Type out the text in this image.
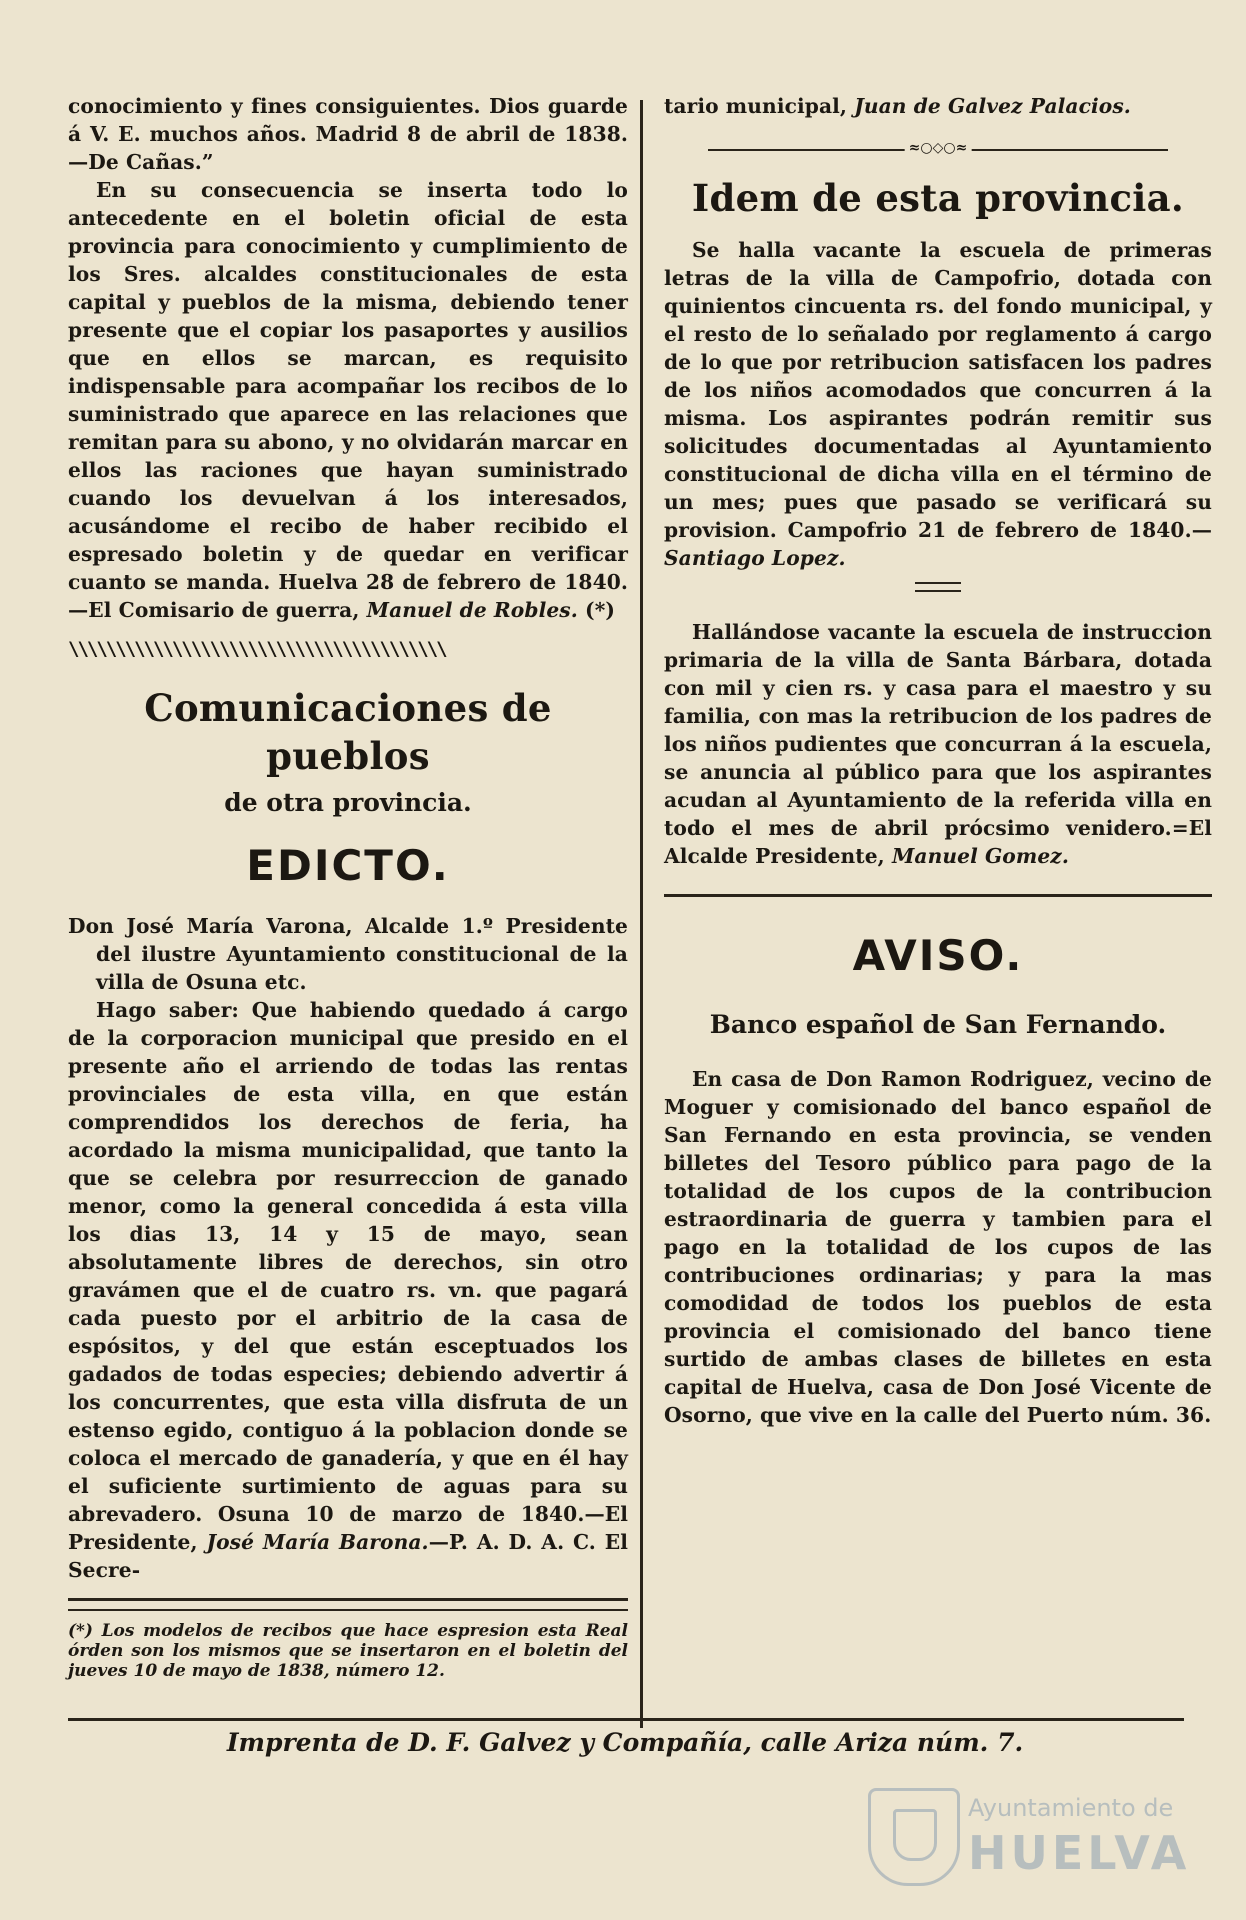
conocimiento y fines consiguientes. Dios guarde á V. E. muchos años. Madrid 8 de abril de 1838.—De Cañas.”

En su consecuencia se inserta todo lo antecedente en el boletin oficial de esta provincia para conocimiento y cumplimiento de los Sres. alcaldes constitucionales de esta capital y pueblos de la misma, debiendo tener presente que el copiar los pasaportes y ausilios que en ellos se marcan, es requisito indispensable para acompañar los recibos de lo suministrado que aparece en las relaciones que remitan para su abono, y no olvidarán marcar en ellos las raciones que hayan suministrado cuando los devuelvan á los interesados, acusándome el recibo de haber recibido el espresado boletin y de quedar en verificar cuanto se manda. Huelva 28 de febrero de 1840.—El Comisario de guerra, Manuel de Robles. (*)

\\\\\\\\\\\\\\\\\\\\\\\\\\\\\\\\\\\\\\\\
Comunicaciones de pueblos
de otra provincia.
EDICTO.

Don José María Varona, Alcalde 1.º Presidente del ilustre Ayuntamiento constitucional de la villa de Osuna etc.

Hago saber: Que habiendo quedado á cargo de la corporacion municipal que presido en el presente año el arriendo de todas las rentas provinciales de esta villa, en que están comprendidos los derechos de feria, ha acordado la misma municipalidad, que tanto la que se celebra por resurreccion de ganado menor, como la general concedida á esta villa los dias 13, 14 y 15 de mayo, sean absolutamente libres de derechos, sin otro gravámen que el de cuatro rs. vn. que pagará cada puesto por el arbitrio de la casa de espósitos, y del que están esceptuados los gadados de todas especies; debiendo advertir á los concurrentes, que esta villa disfruta de un estenso egido, contiguo á la poblacion donde se coloca el mercado de ganadería, y que en él hay el suficiente surtimiento de aguas para su abrevadero. Osuna 10 de marzo de 1840.—El Presidente, José María Barona.—P. A. D. A. C. El Secre-

(*) Los modelos de recibos que hace espresion esta Real órden son los mismos que se insertaron en el boletin del jueves 10 de mayo de 1838, número 12.

tario municipal, Juan de Galvez Palacios.

≈○◇○≈
Idem de esta provincia.

Se halla vacante la escuela de primeras letras de la villa de Campofrio, dotada con quinientos cincuenta rs. del fondo municipal, y el resto de lo señalado por reglamento á cargo de lo que por retribucion satisfacen los padres de los niños acomodados que concurren á la misma. Los aspirantes podrán remitir sus solicitudes documentadas al Ayuntamiento constitucional de dicha villa en el término de un mes; pues que pasado se verificará su provision. Campofrio 21 de febrero de 1840.—Santiago Lopez.

Hallándose vacante la escuela de instruccion primaria de la villa de Santa Bárbara, dotada con mil y cien rs. y casa para el maestro y su familia, con mas la retribucion de los padres de los niños pudientes que concurran á la escuela, se anuncia al público para que los aspirantes acudan al Ayuntamiento de la referida villa en todo el mes de abril prócsimo venidero.=El Alcalde Presidente, Manuel Gomez.

AVISO.
Banco español de San Fernando.

En casa de Don Ramon Rodriguez, vecino de Moguer y comisionado del banco español de San Fernando en esta provincia, se venden billetes del Tesoro público para pago de la totalidad de los cupos de la contribucion estraordinaria de guerra y tambien para el pago en la totalidad de los cupos de las contribuciones ordinarias; y para la mas comodidad de todos los pueblos de esta provincia el comisionado del banco tiene surtido de ambas clases de billetes en esta capital de Huelva, casa de Don José Vicente de Osorno, que vive en la calle del Puerto núm. 36.

Imprenta de D. F. Galvez y Compañía, calle Ariza núm. 7.
Ayuntamiento de
HUELVA
